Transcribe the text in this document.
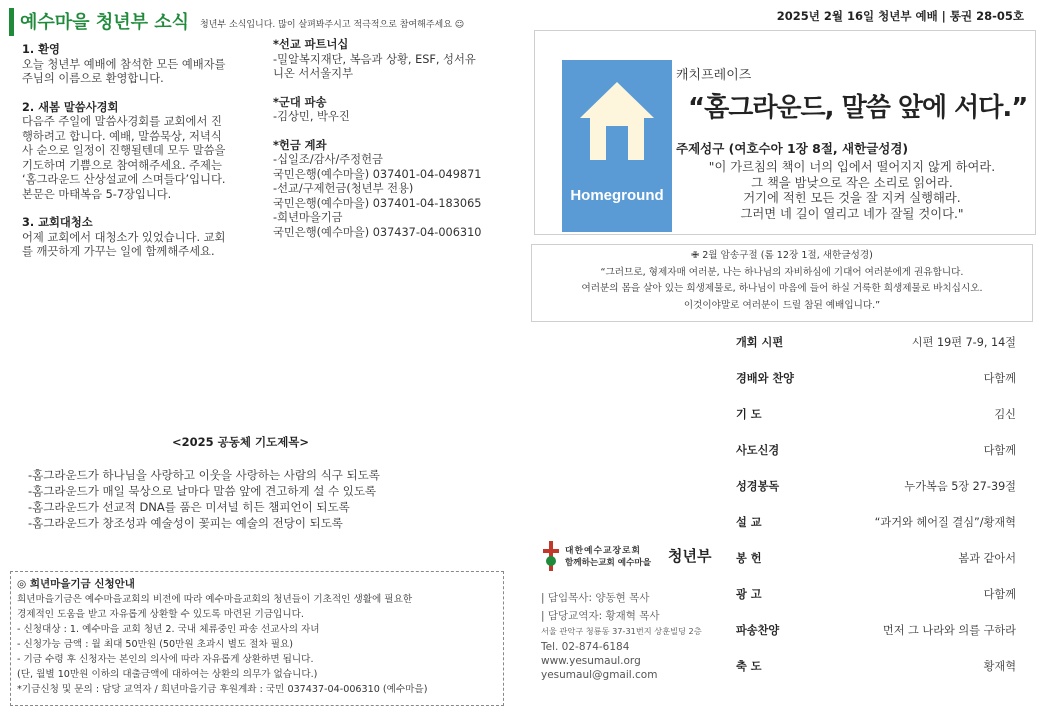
예수마을 청년부 소식 청년부 소식입니다. 많이 살펴봐주시고 적극적으로 참여해주세요 ☺
2025년 2월 16일 청년부 예배 | 통권 28-05호
1. 환영
오늘 청년부 예배에 참석한 모든 예배자를
주님의 이름으로 환영합니다.
2. 새봄 말씀사경회
다음주 주일에 말씀사경회를 교회에서 진
행하려고 합니다. 예배, 말씀묵상, 저녁식
사 순으로 일정이 진행될텐데 모두 말씀을
기도하며 기쁨으로 참여해주세요. 주제는
‘홈그라운드 산상설교에 스며들다’입니다.
본문은 마태복음 5-7장입니다.
3. 교회대청소
어제 교회에서 대청소가 있었습니다. 교회
를 깨끗하게 가꾸는 일에 함께해주세요.
*선교 파트너십
-밀알복지재단, 복음과 상황, ESF, 성서유
니온 서서울지부
*군대 파송
-김상민, 박우진
*헌금 계좌
-십일조/감사/주정헌금
국민은행(예수마을) 037401-04-049871
-선교/구제헌금(청년부 전용)
국민은행(예수마을) 037401-04-183065
-희년마을기금
국민은행(예수마을) 037437-04-006310
Homeground
캐치프레이즈
“홈그라운드, 말씀 앞에 서다.”
주제성구 (여호수아 1장 8절, 새한글성경)
"이 가르침의 책이 너의 입에서 떨어지지 않게 하여라.
그 책을 밤낮으로 작은 소리로 읽어라.
거기에 적힌 모든 것을 잘 지켜 실행해라.
그러면 네 길이 열리고 네가 잘될 것이다."
✙ 2월 암송구절 (롬 12장 1절, 새한글성경)
“그러므로, 형제자매 여러분, 나는 하나님의 자비하심에 기대어 여러분에게 권유합니다.
여러분의 몸을 살아 있는 희생제물로, 하나님이 마음에 들어 하실 거룩한 희생제물로 바치십시오.
이것이야말로 여러분이 드릴 참된 예배입니다.”
개회 시편	시편 19편 7-9, 14절
경배와 찬양	다함께
기 도	김신
사도신경	다함께
성경봉독	누가복음 5장 27-39절
설 교	“과거와 헤어질 결심”/황재혁
봉 헌	봄과 같아서
광 고	다함께
파송찬양	먼저 그 나라와 의를 구하라
축 도	황재혁
<2025 공동체 기도제목>
-홈그라운드가 하나님을 사랑하고 이웃을 사랑하는 사람의 식구 되도록
-홈그라운드가 매일 묵상으로 날마다 말씀 앞에 견고하게 설 수 있도록
-홈그라운드가 선교적 DNA를 품은 미셔널 히든 챔피언이 되도록
-홈그라운드가 창조성과 예술성이 꽃피는 예술의 전당이 되도록
◎ 희년마을기금 신청안내
희년마을기금은 예수마을교회의 비전에 따라 예수마을교회의 청년들이 기초적인 생활에 필요한
경제적인 도움을 받고 자유롭게 상환할 수 있도록 마련된 기금입니다.
- 신청대상 : 1. 예수마을 교회 청년 2. 국내 체류중인 파송 선교사의 자녀
- 신청가능 금액 : 월 최대 50만원 (50만원 초과시 별도 절차 필요)
- 기금 수령 후 신청자는 본인의 의사에 따라 자유롭게 상환하면 됩니다.
(단, 월별 10만원 이하의 대출금액에 대하여는 상환의 의무가 없습니다.)
*기금신청 및 문의 : 담당 교역자 / 희년마을기금 후원계좌 : 국민 037437-04-006310 (예수마을)
대한예수교장로회
함께하는교회 예수마을 청년부
| 담임목사: 양동현 목사
| 담당교역자: 황재혁 목사
서울 관악구 청룡동 37-31번지 상훈빌딩 2층
Tel. 02-874-6184
www.yesumaul.org
yesumaul@gmail.com
